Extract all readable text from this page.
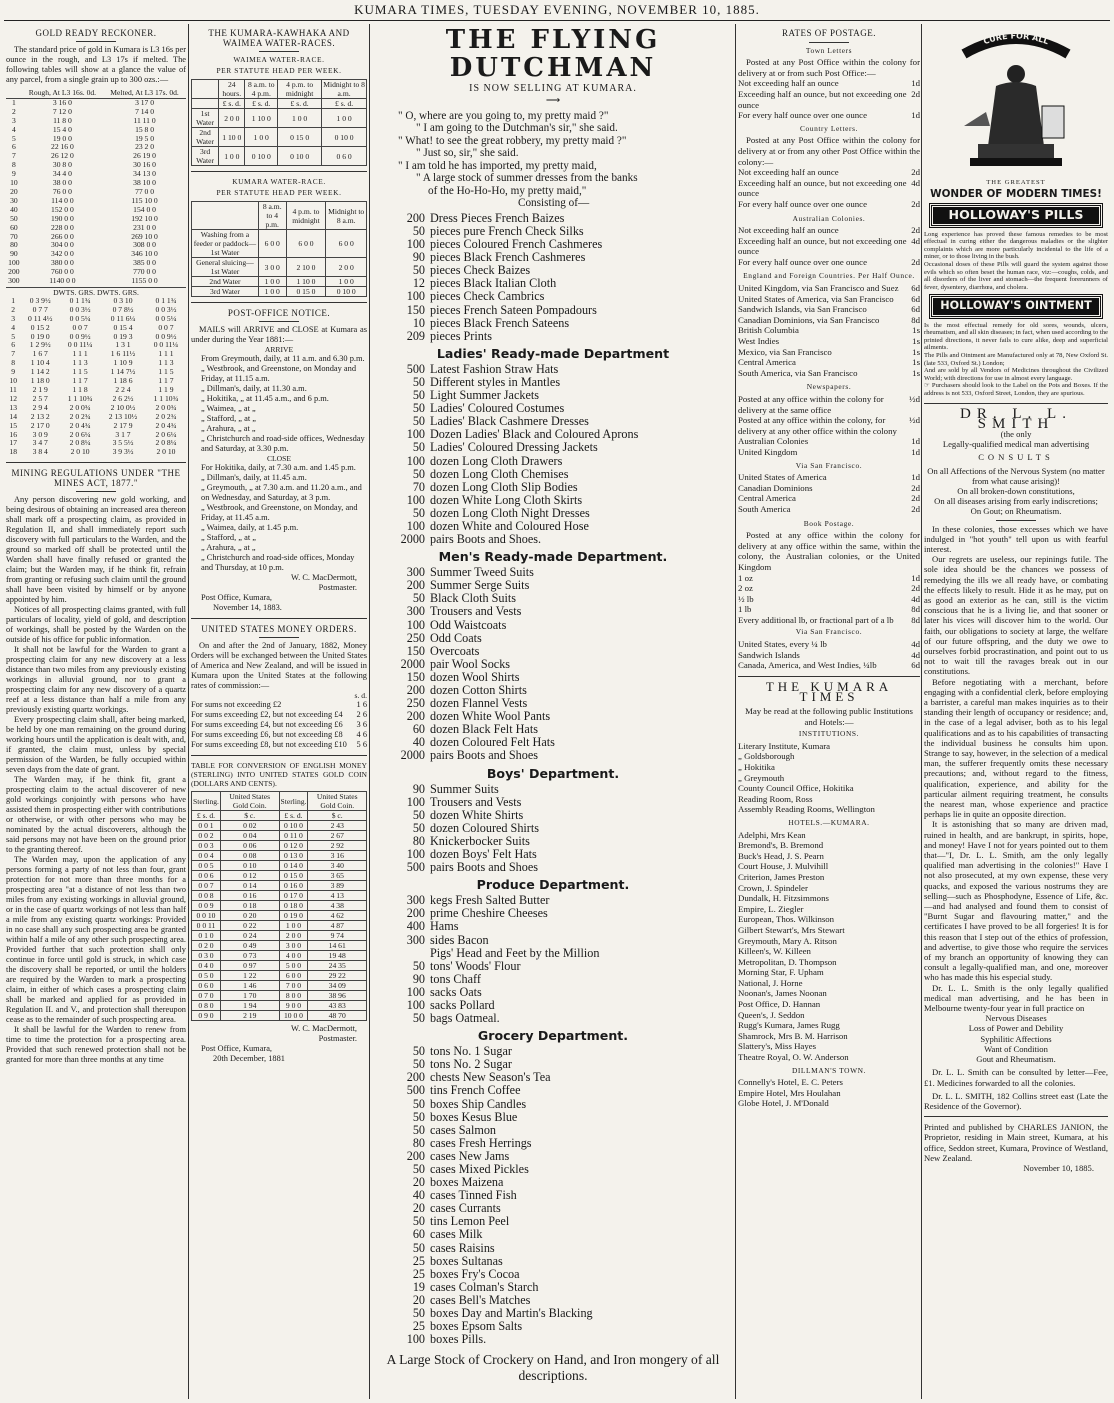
KUMARA TIMES, TUESDAY EVENING, NOVEMBER 10, 1885.
GOLD READY RECKONER.

The standard price of gold in Kumara is L3 16s per ounce in the rough, and L3 17s if melted. The following tables will show at a glance the value of any parcel, from a single grain up to 300 ozs.:—

	Rough, At L3 16s. 0d.	Melted, At L3 17s. 0d.
1	3 16 0	3 17 0
2	7 12 0	7 14 0
3	11 8 0	11 11 0
4	15 4 0	15 8 0
5	19 0 0	19 5 0
6	22 16 0	23 2 0
7	26 12 0	26 19 0
8	30 8 0	30 16 0
9	34 4 0	34 13 0
10	38 0 0	38 10 0
20	76 0 0	77 0 0
30	114 0 0	115 10 0
40	152 0 0	154 0 0
50	190 0 0	192 10 0
60	228 0 0	231 0 0
70	266 0 0	269 10 0
80	304 0 0	308 0 0
90	342 0 0	346 10 0
100	380 0 0	385 0 0
200	760 0 0	770 0 0
300	1140 0 0	1155 0 0
DWTS. GRS. DWTS. GRS.
1	0 3 9½	0 1 1¾	0 3 10	0 1 1¾
2	0 7 7	0 0 3½	0 7 8½	0 0 3½
3	0 11 4½	0 0 5¼	0 11 6¼	0 0 5¼
4	0 15 2	0 0 7	0 15 4	0 0 7
5	0 19 0	0 0 9½	0 19 3	0 0 9½
6	1 2 9½	0 0 11¼	1 3 1	0 0 11¼
7	1 6 7	1 1 1	1 6 11½	1 1 1
8	1 10 4	1 1 3	1 10 9	1 1 3
9	1 14 2	1 1 5	1 14 7½	1 1 5
10	1 18 0	1 1 7	1 18 6	1 1 7
11	2 1 9	1 1 8	2 2 4	1 1 9
12	2 5 7	1 1 10¾	2 6 2½	1 1 10¾
13	2 9 4	2 0 0¾	2 10 0½	2 0 0¾
14	2 13 2	2 0 2¾	2 13 10½	2 0 2¾
15	2 17 0	2 0 4¾	2 17 9	2 0 4¾
16	3 0 9	2 0 6¼	3 1 7	2 0 6¼
17	3 4 7	2 0 8¼	3 5 5½	2 0 8¼
18	3 8 4	2 0 10	3 9 3½	2 0 10
MINING REGULATIONS UNDER "THE MINES ACT, 1877."

Any person discovering new gold working, and being desirous of obtaining an increased area thereon shall mark off a prospecting claim, as provided in Regulation II, and shall immediately report such discovery with full particulars to the Warden, and the ground so marked off shall be protected until the Warden shall have finally refused or granted the claim; but the Warden may, if he think fit, refrain from granting or refusing such claim until the ground shall have been visited by himself or by anyone appointed by him.

Notices of all prospecting claims granted, with full particulars of locality, yield of gold, and description of workings, shall be posted by the Warden on the outside of his office for public information.

It shall not be lawful for the Warden to grant a prospecting claim for any new discovery at a less distance than two miles from any previously existing workings in alluvial ground, nor to grant a prospecting claim for any new discovery of a quartz reef at a less distance than half a mile from any previously existing quartz workings.

Every prospecting claim shall, after being marked, be held by one man remaining on the ground during working hours until the application is dealt with, and, if granted, the claim must, unless by special permission of the Warden, be fully occupied within seven days from the date of grant.

The Warden may, if he think fit, grant a prospecting claim to the actual discoverer of new gold workings conjointly with persons who have assisted them in prospecting either with contributions or otherwise, or with other persons who may be nominated by the actual discoverers, although the said persons may not have been on the ground prior to the granting thereof.

The Warden may, upon the application of any persons forming a party of not less than four, grant protection for not more than three months for a prospecting area "at a distance of not less than two miles from any existing workings in alluvial ground, or in the case of quartz workings of not less than half a mile from any existing quartz workings: Provided in no case shall any such prospecting area be granted within half a mile of any other such prospecting area. Provided further that such protection shall only continue in force until gold is struck, in which case the discovery shall be reported, or until the holders are required by the Warden to mark a prospecting claim, in either of which cases a prospecting claim shall be marked and applied for as provided in Regulation II. and V., and protection shall thereupon cease as to the remainder of such prospecting area.

It shall be lawful for the Warden to renew from time to time the protection for a prospecting area. Provided that such renewed protection shall not be granted for more than three months at any time

THE KUMARA-KAWHAKA AND WAIMEA WATER-RACES.
WAIMEA WATER-RACE.
PER STATUTE HEAD PER WEEK.
	24 hours.	8 a.m. to 4 p.m.	4 p.m. to midnight	Midnight to 8 a.m.
	£ s. d.	£ s. d.	£ s. d.	£ s. d.
1st Water	2 0 0	1 10 0	1 0 0	1 0 0
2nd Water	1 10 0	1 0 0	0 15 0	0 10 0
3rd Water	1 0 0	0 10 0	0 10 0	0 6 0
KUMARA WATER-RACE.
PER STATUTE HEAD PER WEEK.
	8 a.m. to 4 p.m.	4 p.m. to midnight	Midnight to 8 a.m.
Washing from a feeder or paddock—1st Water	6 0 0	6 0 0	6 0 0
General sluicing—1st Water	3 0 0	2 10 0	2 0 0
2nd Water	1 0 0	1 10 0	1 0 0
3rd Water	1 0 0	0 15 0	0 10 0
POST-OFFICE NOTICE.

MAILS will ARRIVE and CLOSE at Kumara as under during the Year 1881:—

ARRIVE
From Greymouth, daily, at 11 a.m. and 6.30 p.m.
„ Westbrook, and Greenstone, on Monday and Friday, at 11.15 a.m.
„ Dillman's, daily, at 11.30 a.m.
„ Hokitika, „ at 11.45 a.m., and 6 p.m.
„ Waimea, „ at „
„ Stafford, „ at „
„ Arahura, „ at „
„ Christchurch and road-side offices, Wednesday and Saturday, at 3.30 p.m.
CLOSE
For Hokitika, daily, at 7.30 a.m. and 1.45 p.m.
„ Dillman's, daily, at 11.45 a.m.
„ Greymouth, „ at 7.30 a.m. and 11.20 a.m., and on Wednesday, and Saturday, at 3 p.m.
„ Westbrook, and Greenstone, on Monday, and Friday, at 11.45 a.m.
„ Waimea, daily, at 1.45 p.m.
„ Stafford, „ at „
„ Arahura, „ at „
„ Christchurch and road-side offices, Monday and Thursday, at 10 p.m.
W. C. MacDermott,
Postmaster.
Post Office, Kumara,
November 14, 1883.
UNITED STATES MONEY ORDERS.

On and after the 2nd of January, 1882, Money Orders will be exchanged between the United States of America and New Zealand, and will be issued in Kumara upon the United States at the following rates of commission:—

s. d.
For sums not exceeding £2	1 6
For sums exceeding £2, but not exceeding £4	2 6
For sums exceeding £4, but not exceeding £6	3 6
For sums exceeding £6, but not exceeding £8	4 6
For sums exceeding £8, but not exceeding £10	5 6

TABLE FOR CONVERSION OF ENGLISH MONEY (STERLING) INTO UNITED STATES GOLD COIN (DOLLARS AND CENTS).

Sterling.	United States Gold Coin.	Sterling.	United States Gold Coin.
£ s. d.	$ c.	£ s. d.	$ c.
0 0 1	0 02	0 10 0	2 43
0 0 2	0 04	0 11 0	2 67
0 0 3	0 06	0 12 0	2 92
0 0 4	0 08	0 13 0	3 16
0 0 5	0 10	0 14 0	3 40
0 0 6	0 12	0 15 0	3 65
0 0 7	0 14	0 16 0	3 89
0 0 8	0 16	0 17 0	4 13
0 0 9	0 18	0 18 0	4 38
0 0 10	0 20	0 19 0	4 62
0 0 11	0 22	1 0 0	4 87
0 1 0	0 24	2 0 0	9 74
0 2 0	0 49	3 0 0	14 61
0 3 0	0 73	4 0 0	19 48
0 4 0	0 97	5 0 0	24 35
0 5 0	1 22	6 0 0	29 22
0 6 0	1 46	7 0 0	34 09
0 7 0	1 70	8 0 0	38 96
0 8 0	1 94	9 0 0	43 83
0 9 0	2 19	10 0 0	48 70
W. C. MacDermott,
Postmaster.
Post Office, Kumara,
20th December, 1881
THE FLYING DUTCHMAN
IS NOW SELLING AT KUMARA.
⟶
" O, where are you going to, my pretty maid ?"
" I am going to the Dutchman's sir," she said.
" What! to see the great robbery, my pretty maid ?"
" Just so, sir," she said.
" I am told he has imported, my pretty maid,
" A large stock of summer dresses from the banks
of the Ho-Ho-Ho, my pretty maid,"
Consisting of—
200 Dress Pieces French Baizes
50 pieces pure French Check Silks
100 pieces Coloured French Cashmeres
90 pieces Black French Cashmeres
50 pieces Check Baizes
12 pieces Black Italian Cloth
100 pieces Check Cambrics
150 pieces French Sateen Pompadours
10 pieces Black French Sateens
209 pieces Prints
Ladies' Ready-made Department
500 Latest Fashion Straw Hats
50 Different styles in Mantles
50 Light Summer Jackets
50 Ladies' Coloured Costumes
50 Ladies' Black Cashmere Dresses
100 Dozen Ladies' Black and Coloured Aprons
50 Ladies' Coloured Dressing Jackets
100 dozen Long Cloth Drawers
50 dozen Long Cloth Chemises
70 dozen Long Cloth Slip Bodies
100 dozen White Long Cloth Skirts
50 dozen Long Cloth Night Dresses
100 dozen White and Coloured Hose
2000 pairs Boots and Shoes.
Men's Ready-made Department.
300 Summer Tweed Suits
200 Summer Serge Suits
50 Black Cloth Suits
300 Trousers and Vests
100 Odd Waistcoats
250 Odd Coats
150 Overcoats
2000 pair Wool Socks
150 dozen Wool Shirts
200 dozen Cotton Shirts
250 dozen Flannel Vests
200 dozen White Wool Pants
60 dozen Black Felt Hats
40 dozen Coloured Felt Hats
2000 pairs Boots and Shoes
Boys' Department.
90 Summer Suits
100 Trousers and Vests
50 dozen White Shirts
50 dozen Coloured Shirts
80 Knickerbocker Suits
100 dozen Boys' Felt Hats
500 pairs Boots and Shoes
Produce Department.
300 kegs Fresh Salted Butter
200 prime Cheshire Cheeses
400 Hams
300 sides Bacon
Pigs' Head and Feet by the Million
50 tons' Woods' Flour
90 tons Chaff
100 sacks Oats
100 sacks Pollard
50 bags Oatmeal.
Grocery Department.
50 tons No. 1 Sugar
50 tons No. 2 Sugar
200 chests New Season's Tea
500 tins French Coffee
50 boxes Ship Candles
50 boxes Kesus Blue
50 cases Salmon
80 cases Fresh Herrings
200 cases New Jams
50 cases Mixed Pickles
20 boxes Maizena
40 cases Tinned Fish
20 cases Currants
50 tins Lemon Peel
60 cases Milk
50 cases Raisins
25 boxes Sultanas
25 boxes Fry's Cocoa
19 cases Colman's Starch
20 cases Bell's Matches
50 boxes Day and Martin's Blacking
25 boxes Epsom Salts
100 boxes Pills.
A Large Stock of Crockery on Hand, and Iron mongery of all descriptions.
RATES OF POSTAGE.
Town Letters

Posted at any Post Office within the colony for delivery at or from such Post Office:—

Not exceeding half an ounce	1d
Exceeding half an ounce, but not exceeding one ounce
2d
For every half ounce over one ounce	1d
Country Letters.

Posted at any Post Office within the colony for delivery at or from any other Post Office within the colony:—

Not exceeding half an ounce	2d
Exceeding half an ounce, but not exceeding one ounce
4d
For every half ounce over one ounce	2d
Australian Colonies.
Not exceeding half an ounce	2d
Exceeding half an ounce, but not exceeding one ounce
4d
For every half ounce over one ounce	2d
England and Foreign Countries. Per Half Ounce.
United Kingdom, via San Francisco and Suez	6d
United States of America, via San Francisco	6d
Sandwich Islands, via San Francisco	6d
Canadian Dominions, via San Francisco	8d
British Columbia	1s
West Indies	1s
Mexico, via San Francisco	1s
Central America	1s
South America, via San Francisco	1s
Newspapers.
Posted at any office within the colony for delivery at the same office
½d
Posted at any office within the colony, for delivery at any other office within the colony
½d
Australian Colonies	1d
United Kingdom	1d
Via San Francisco.
United States of America	1d
Canadian Dominions	2d
Central America	2d
South America	2d
Book Postage.

Posted at any office within the colony for delivery at any office within the same, within the colony, the Australian colonies, or the United Kingdom

1 oz	1d
2 oz	2d
½ lb	4d
1 lb	8d
Every additional lb, or fractional part of a lb	8d
Via San Francisco.
United States, every ¼ lb	4d
Sandwich Islands	4d
Canada, America, and West Indies, ¼lb	6d
THE KUMARA TIMES

May be read at the following public Institutions and Hotels:—

INSTITUTIONS.
Literary Institute, Kumara
„ Goldsborough
„ Hokitika
„ Greymouth
County Council Office, Hokitika
Reading Room, Ross
Assembly Reading Rooms, Wellington
HOTELS.—KUMARA.
Adelphi, Mrs Kean
Bremond's, B. Bremond
Buck's Head, J. S. Pearn
Court House, J. Mulvihill
Criterion, James Preston
Crown, J. Spindeler
Dundalk, H. Fitzsimmons
Empire, L. Ziegler
European, Thos. Wilkinson
Gilbert Stewart's, Mrs Stewart
Greymouth, Mary A. Ritson
Killeen's, W. Killeen
Metropolitan, D. Thompson
Morning Star, F. Upham
National, J. Horne
Noonan's, James Noonan
Post Office, D. Hannan
Queen's, J. Seddon
Rugg's Kumara, James Rugg
Shamrock, Mrs B. M. Harrison
Slattery's, Miss Hayes
Theatre Royal, O. W. Anderson
DILLMAN'S TOWN.
Connelly's Hotel, E. C. Peters
Empire Hotel, Mrs Houlahan
Globe Hotel, J. M'Donald
CURE FOR ALL
THE GREATEST
WONDER OF MODERN TIMES!
HOLLOWAY'S PILLS

Long experience has proved these famous remedies to be most effectual in curing either the dangerous maladies or the slighter complaints which are more particularly incidental to the life of a miner, or to those living in the bush.

Occasional doses of these Pills will guard the system against those evils which so often beset the human race, viz:—coughs, colds, and all disorders of the liver and stomach—the frequent forerunners of fever, dysentery, diarrhœa, and cholera.

HOLLOWAY'S OINTMENT

Is the most effectual remedy for old sores, wounds, ulcers, rheumatism, and all skin diseases; in fact, when used according to the printed directions, it never fails to cure alike, deep and superficial ailments.

The Pills and Ointment are Manufactured only at 78, New Oxford St. (late 533, Oxford St.) London;

And are sold by all Vendors of Medicines throughout the Civilized World; with directions for use in almost every language.

☞ Purchasers should look to the Label on the Pots and Boxes. If the address is not 533, Oxford Street, London, they are spurious.

DR. L. L. SMITH
(the only
Legally-qualified medical man advertising
CONSULTS
On all Affections of the Nervous System (no matter from what cause arising)!
On all broken-down constitutions,
On all diseases arising from early indiscretions;
On Gout; on Rheumatism.

In these colonies, those excesses which we have indulged in "hot youth" tell upon us with fearful interest.

Our regrets are useless, our repinings futile. The sole idea should be the chances we possess of remedying the ills we all ready have, or combating the effects likely to result. Hide it as he may, put on as good an exterior as he can, still is the victim conscious that he is a living lie, and that sooner or later his vices will discover him to the world. Our faith, our obligations to society at large, the welfare of our future offspring, and the duty we owe to ourselves forbid procrastination, and point out to us not to wait till the ravages break out in our constitutions.

Before negotiating with a merchant, before engaging with a confidential clerk, before employing a barrister, a careful man makes inquiries as to their standing their length of occupancy or residence; and, in the case of a legal adviser, both as to his legal qualifications and as to his capabilities of transacting the individual business he consults him upon. Strange to say, however, in the selection of a medical man, the sufferer frequently omits these necessary precautions; and, without regard to the fitness, qualification, experience, and ability for the particular ailment requiring treatment, he consults the nearest man, whose experience and practice perhaps lie in quite an opposite direction.

It is astonishing that so many are driven mad, ruined in health, and are bankrupt, in spirits, hope, and money! Have I not for years pointed out to them that—"I, Dr. L. L. Smith, am the only legally qualified man advertising in the colonies!" Have I not also prosecuted, at my own expense, these very quacks, and exposed the various nostrums they are selling—such as Phosphodyne, Essence of Life, &c.—and had analysed and found them to consist of "Burnt Sugar and flavouring matter," and the certificates I have proved to be all forgeries! It is for this reason that I step out of the ethics of profession, and advertise, to give those who require the services of my branch an opportunity of knowing they can consult a legally-qualified man, and one, moreover who has made this his especial study.

Dr. L. L. Smith is the only legally qualified medical man advertising, and he has been in Melbourne twenty-four year in full practice on

Nervous Diseases
Loss of Power and Debility
Syphilitic Affections
Want of Condition
Gout and Rheumatism.

Dr. L. L. Smith can be consulted by letter—Fee, £1. Medicines forwarded to all the colonies.

Dr. L. L. SMITH, 182 Collins street east (Late the Residence of the Governor).

Printed and published by CHARLES JANION, the Proprietor, residing in Main street, Kumara, at his office, Seddon street, Kumara, Province of Westland, New Zealand.

November 10, 1885.
